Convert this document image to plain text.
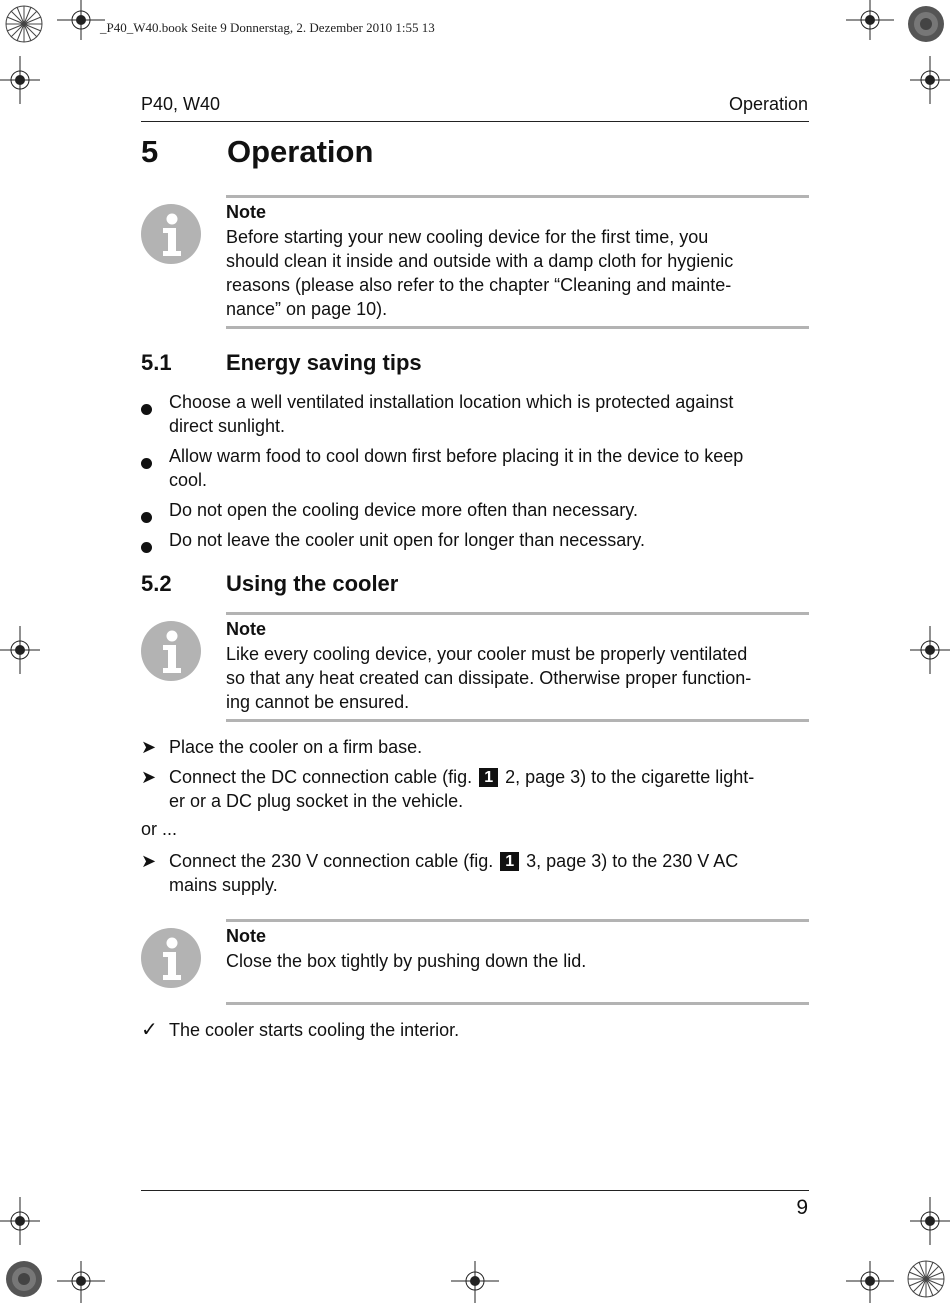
_P40_W40.book Seite 9 Donnerstag, 2. Dezember 2010 1:55 13
P40, W40	Operation
5 Operation
Note
Before starting your new cooling device for the first time, you
should clean it inside and outside with a damp cloth for hygienic
reasons (please also refer to the chapter “Cleaning and mainte-
nance” on page 10).
5.1 Energy saving tips
Choose a well ventilated installation location which is protected against
direct sunlight.
Allow warm food to cool down first before placing it in the device to keep
cool.
Do not open the cooling device more often than necessary.
Do not leave the cooler unit open for longer than necessary.
5.2 Using the cooler
Note
Like every cooling device, your cooler must be properly ventilated
so that any heat created can dissipate. Otherwise proper function-
ing cannot be ensured.
➤ Place the cooler on a firm base.
➤ Connect the DC connection cable (fig. 1 2, page 3) to the cigarette light-
er or a DC plug socket in the vehicle.
or ...
➤ Connect the 230 V connection cable (fig. 1 3, page 3) to the 230 V AC
mains supply.
Note
Close the box tightly by pushing down the lid.
✓ The cooler starts cooling the interior.
9
